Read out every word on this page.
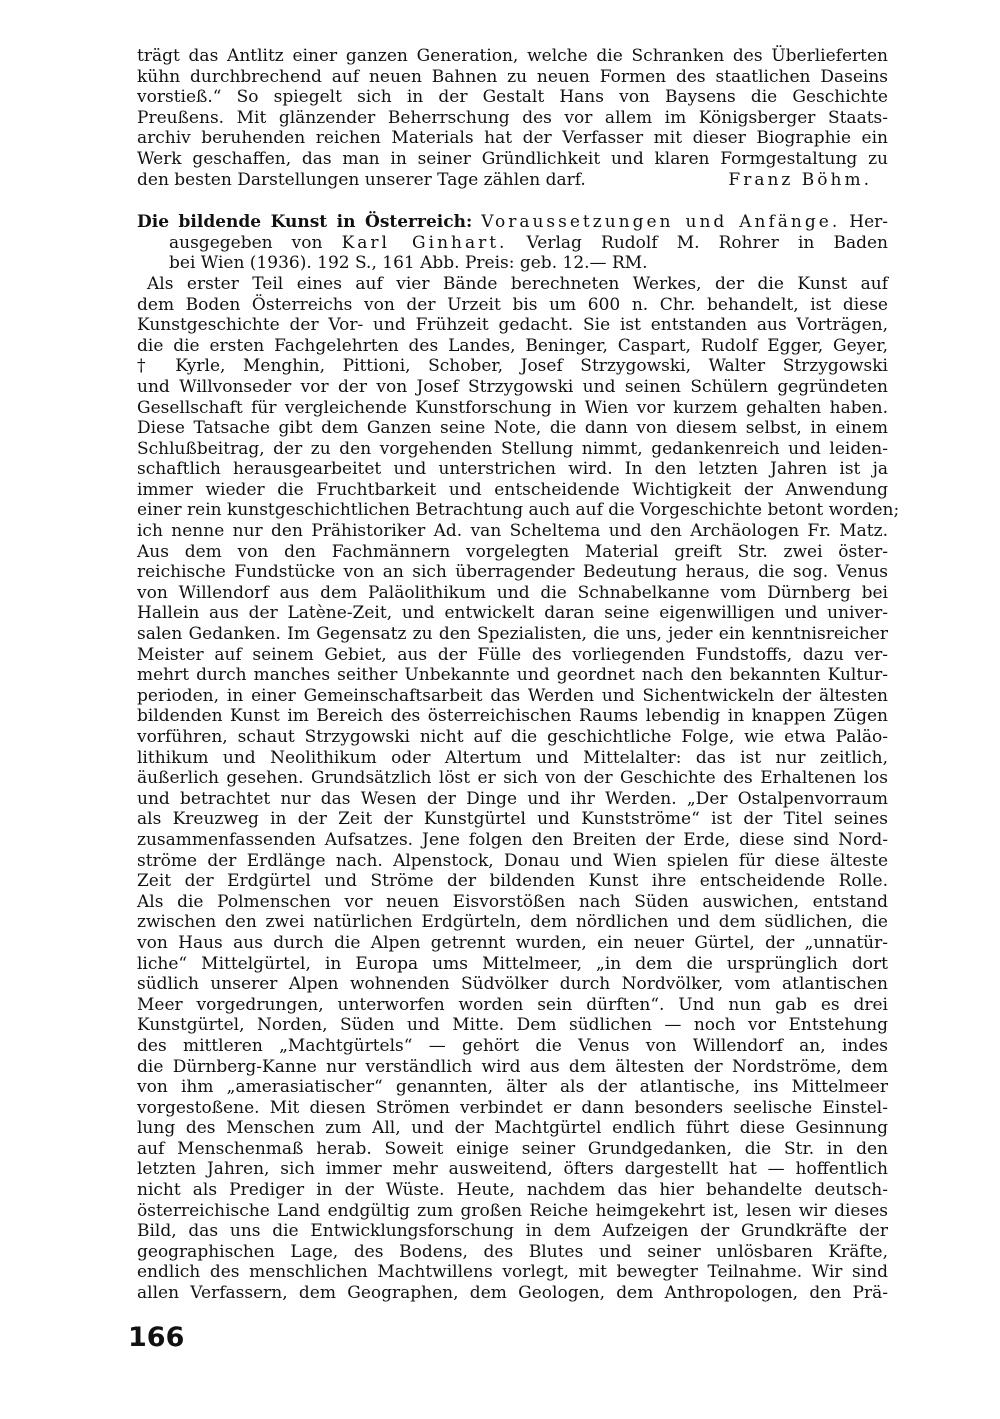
trägt das Antlitz einer ganzen Generation, welche die Schranken des Überlieferten
kühn durchbrechend auf neuen Bahnen zu neuen Formen des staatlichen Daseins
vorstieß.“ So spiegelt sich in der Gestalt Hans von Baysens die Geschichte
Preußens. Mit glänzender Beherrschung des vor allem im Königsberger Staats-
archiv beruhenden reichen Materials hat der Verfasser mit dieser Biographie ein
Werk geschaffen, das man in seiner Gründlichkeit und klaren Formgestaltung zu
den besten Darstellungen unserer Tage zählen darf.	Franz Böhm.
Die bildende Kunst in Österreich: Voraussetzungen und Anfänge. Her-
ausgegeben von Karl Ginhart. Verlag Rudolf M. Rohrer in Baden
bei Wien (1936). 192 S., 161 Abb. Preis: geb. 12.— RM.
Als erster Teil eines auf vier Bände berechneten Werkes, der die Kunst auf
dem Boden Österreichs von der Urzeit bis um 600 n. Chr. behandelt, ist diese
Kunstgeschichte der Vor- und Frühzeit gedacht. Sie ist entstanden aus Vorträgen,
die die ersten Fachgelehrten des Landes, Beninger, Caspart, Rudolf Egger, Geyer,
† Kyrle, Menghin, Pittioni, Schober, Josef Strzygowski, Walter Strzygowski
und Willvonseder vor der von Josef Strzygowski und seinen Schülern gegründeten
Gesellschaft für vergleichende Kunstforschung in Wien vor kurzem gehalten haben.
Diese Tatsache gibt dem Ganzen seine Note, die dann von diesem selbst, in einem
Schlußbeitrag, der zu den vorgehenden Stellung nimmt, gedankenreich und leiden-
schaftlich herausgearbeitet und unterstrichen wird. In den letzten Jahren ist ja
immer wieder die Fruchtbarkeit und entscheidende Wichtigkeit der Anwendung
einer rein kunstgeschichtlichen Betrachtung auch auf die Vorgeschichte betont worden;
ich nenne nur den Prähistoriker Ad. van Scheltema und den Archäologen Fr. Matz.
Aus dem von den Fachmännern vorgelegten Material greift Str. zwei öster-
reichische Fundstücke von an sich überragender Bedeutung heraus, die sog. Venus
von Willendorf aus dem Paläolithikum und die Schnabelkanne vom Dürnberg bei
Hallein aus der Latène-Zeit, und entwickelt daran seine eigenwilligen und univer-
salen Gedanken. Im Gegensatz zu den Spezialisten, die uns, jeder ein kenntnisreicher
Meister auf seinem Gebiet, aus der Fülle des vorliegenden Fundstoffs, dazu ver-
mehrt durch manches seither Unbekannte und geordnet nach den bekannten Kultur-
perioden, in einer Gemeinschaftsarbeit das Werden und Sichentwickeln der ältesten
bildenden Kunst im Bereich des österreichischen Raums lebendig in knappen Zügen
vorführen, schaut Strzygowski nicht auf die geschichtliche Folge, wie etwa Paläo-
lithikum und Neolithikum oder Altertum und Mittelalter: das ist nur zeitlich,
äußerlich gesehen. Grundsätzlich löst er sich von der Geschichte des Erhaltenen los
und betrachtet nur das Wesen der Dinge und ihr Werden. „Der Ostalpenvorraum
als Kreuzweg in der Zeit der Kunstgürtel und Kunstströme“ ist der Titel seines
zusammenfassenden Aufsatzes. Jene folgen den Breiten der Erde, diese sind Nord-
ströme der Erdlänge nach. Alpenstock, Donau und Wien spielen für diese älteste
Zeit der Erdgürtel und Ströme der bildenden Kunst ihre entscheidende Rolle.
Als die Polmenschen vor neuen Eisvorstößen nach Süden auswichen, entstand
zwischen den zwei natürlichen Erdgürteln, dem nördlichen und dem südlichen, die
von Haus aus durch die Alpen getrennt wurden, ein neuer Gürtel, der „unnatür-
liche“ Mittelgürtel, in Europa ums Mittelmeer, „in dem die ursprünglich dort
südlich unserer Alpen wohnenden Südvölker durch Nordvölker, vom atlantischen
Meer vorgedrungen, unterworfen worden sein dürften“. Und nun gab es drei
Kunstgürtel, Norden, Süden und Mitte. Dem südlichen — noch vor Entstehung
des mittleren „Machtgürtels“ — gehört die Venus von Willendorf an, indes
die Dürnberg-Kanne nur verständlich wird aus dem ältesten der Nordströme, dem
von ihm „amerasiatischer“ genannten, älter als der atlantische, ins Mittelmeer
vorgestoßene. Mit diesen Strömen verbindet er dann besonders seelische Einstel-
lung des Menschen zum All, und der Machtgürtel endlich führt diese Gesinnung
auf Menschenmaß herab. Soweit einige seiner Grundgedanken, die Str. in den
letzten Jahren, sich immer mehr ausweitend, öfters dargestellt hat — hoffentlich
nicht als Prediger in der Wüste. Heute, nachdem das hier behandelte deutsch-
österreichische Land endgültig zum großen Reiche heimgekehrt ist, lesen wir dieses
Bild, das uns die Entwicklungsforschung in dem Aufzeigen der Grundkräfte der
geographischen Lage, des Bodens, des Blutes und seiner unlösbaren Kräfte,
endlich des menschlichen Machtwillens vorlegt, mit bewegter Teilnahme. Wir sind
allen Verfassern, dem Geographen, dem Geologen, dem Anthropologen, den Prä-
166
